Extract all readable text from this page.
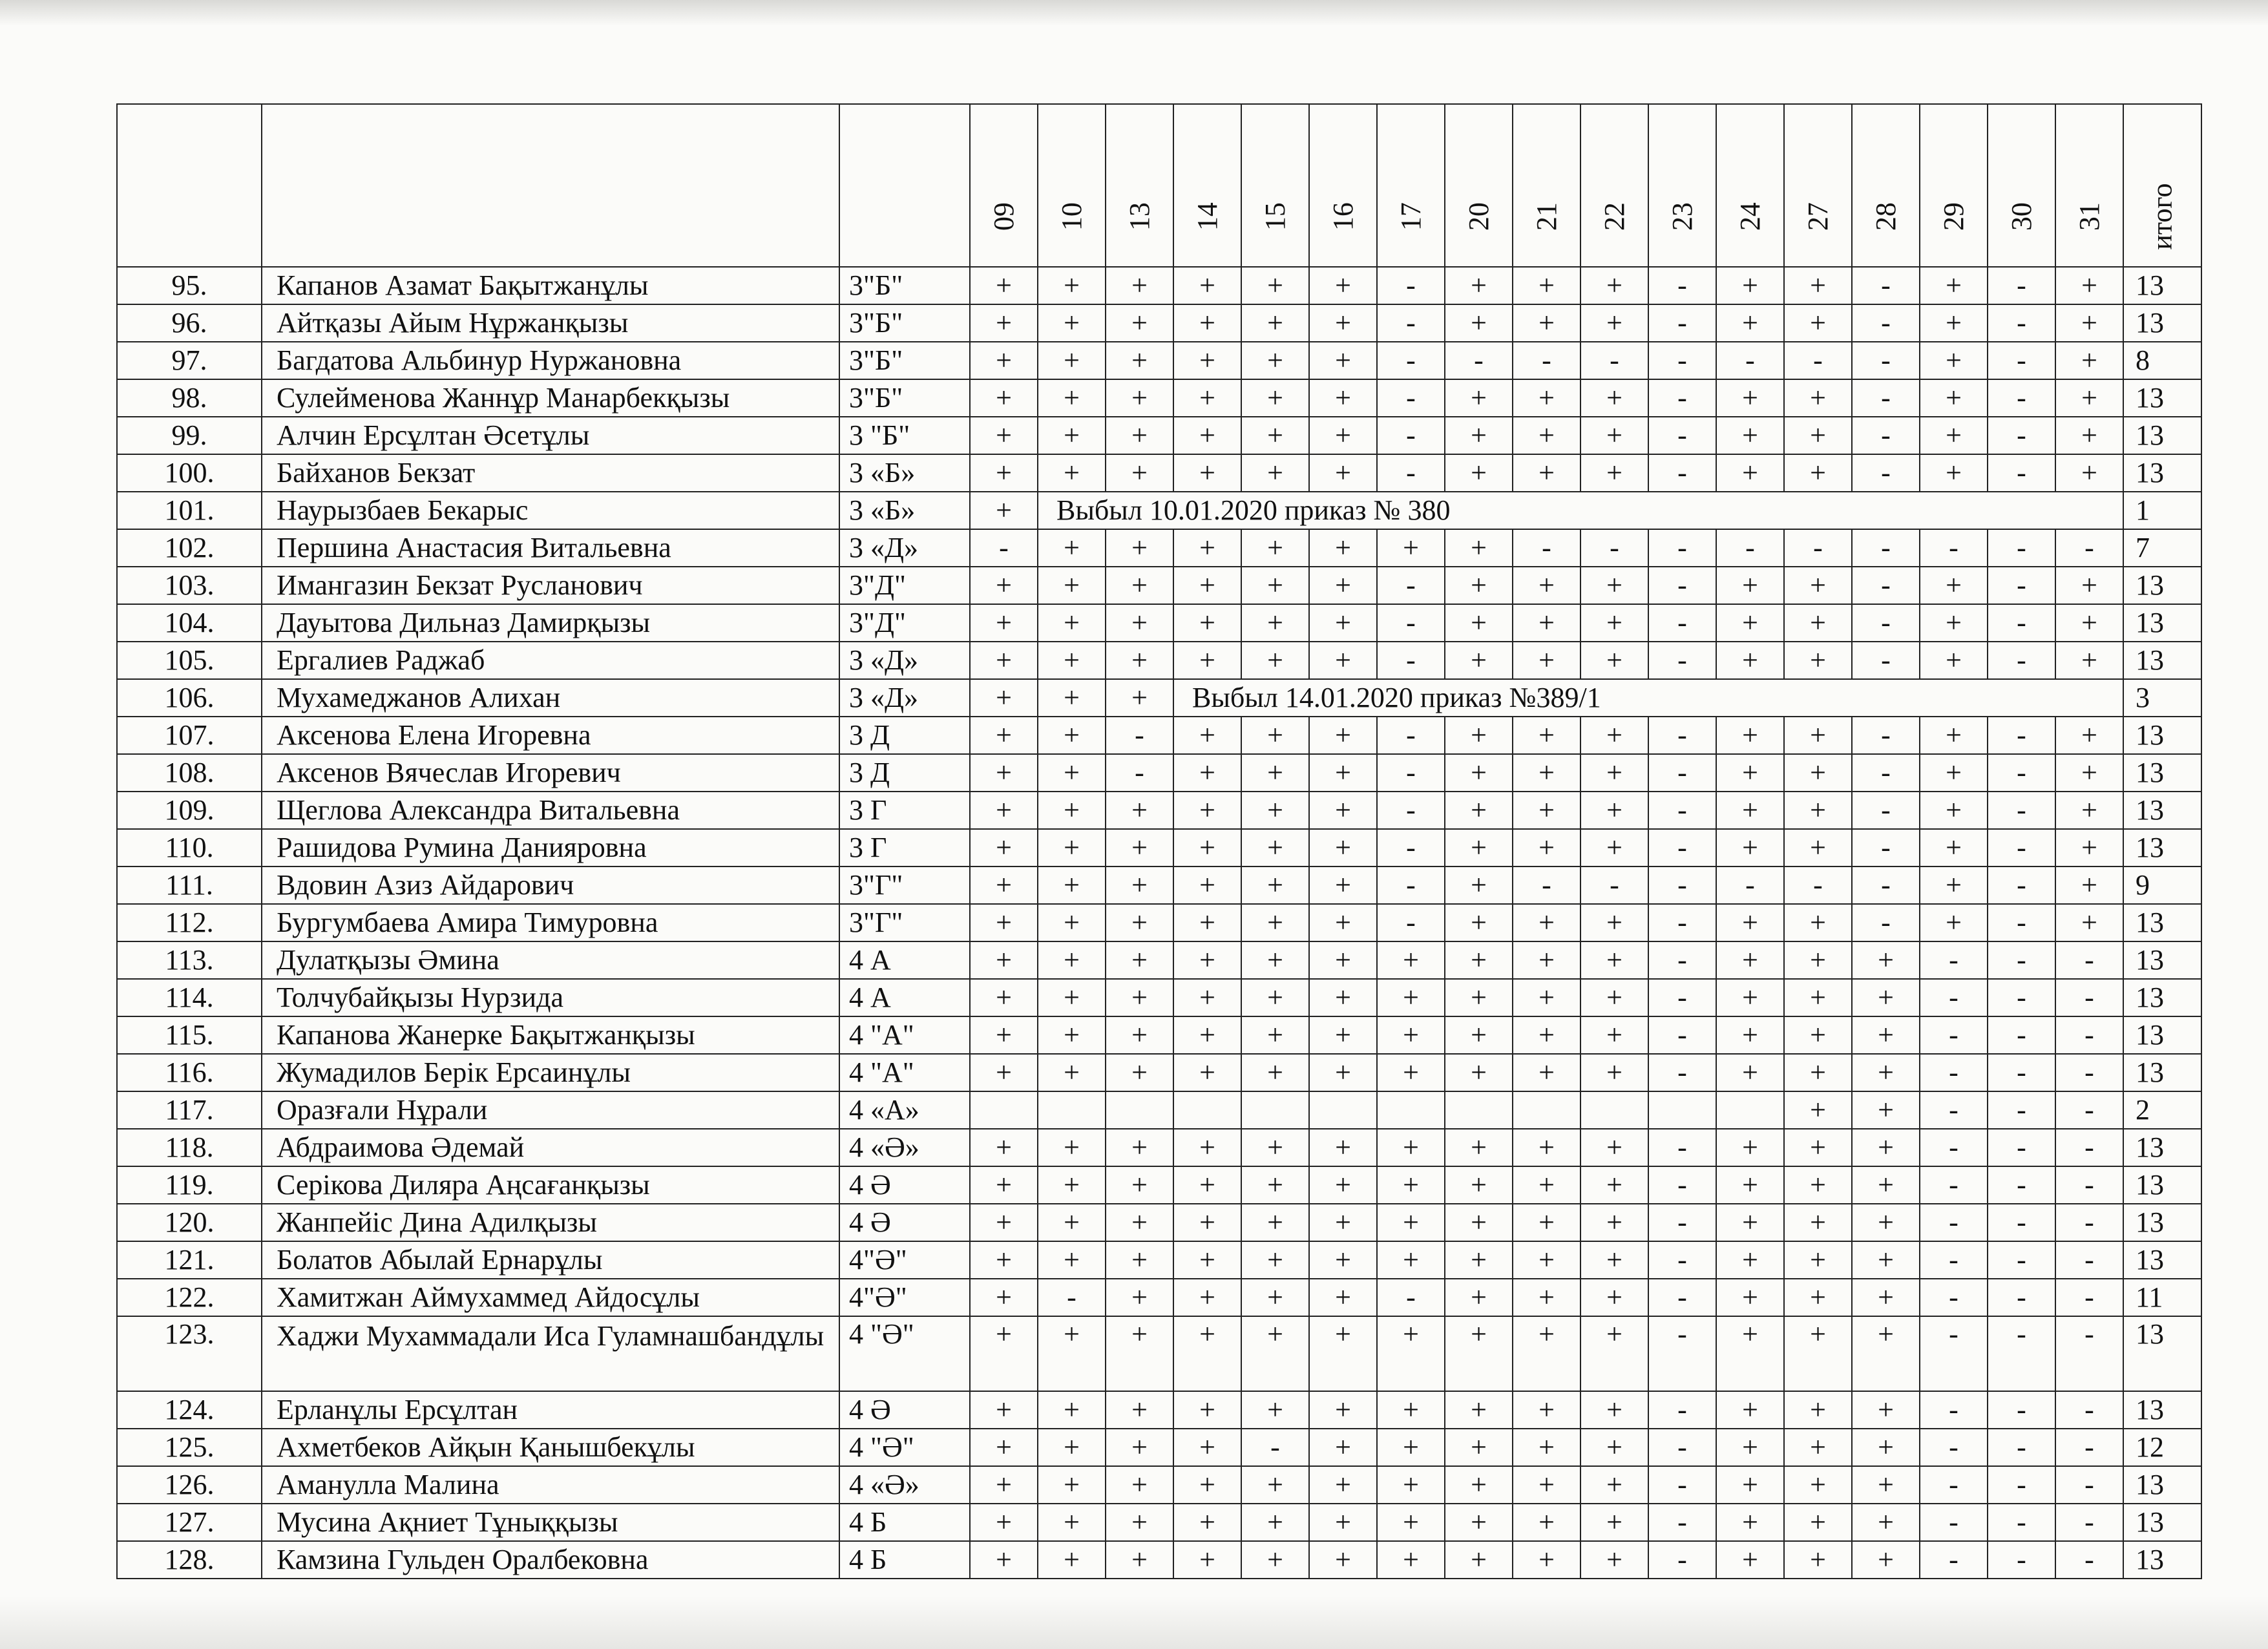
			09	10	13	14	15	16	17	20	21	22	23	24	27	28	29	30	31	итого
95.	Капанов Азамат Бақытжанұлы	3"Б"	+	+	+	+	+	+	-	+	+	+	-	+	+	-	+	-	+	13
96.	Айтқазы Айым Нұржанқызы	3"Б"	+	+	+	+	+	+	-	+	+	+	-	+	+	-	+	-	+	13
97.	Багдатова Альбинур Нуржановна	3"Б"	+	+	+	+	+	+	-	-	-	-	-	-	-	-	+	-	+	8
98.	Сулейменова Жаннұр Манарбекқызы	3"Б"	+	+	+	+	+	+	-	+	+	+	-	+	+	-	+	-	+	13
99.	Алчин Ерсұлтан Әсетұлы	3 "Б"	+	+	+	+	+	+	-	+	+	+	-	+	+	-	+	-	+	13
100.	Байханов Бекзат	3 «Б»	+	+	+	+	+	+	-	+	+	+	-	+	+	-	+	-	+	13
101.	Наурызбаев Бекарыс	3 «Б»	+	Выбыл 10.01.2020 приказ № 380																1
102.	Першина Анастасия Витальевна	3 «Д»	-	+	+	+	+	+	+	+	-	-	-	-	-	-	-	-	-	7
103.	Имангазин Бекзат Русланович	3"Д"	+	+	+	+	+	+	-	+	+	+	-	+	+	-	+	-	+	13
104.	Дауытова Дильназ Дамирқызы	3"Д"	+	+	+	+	+	+	-	+	+	+	-	+	+	-	+	-	+	13
105.	Ергалиев Раджаб	3 «Д»	+	+	+	+	+	+	-	+	+	+	-	+	+	-	+	-	+	13
106.	Мухамеджанов Алихан	3 «Д»	+	+	+	Выбыл 14.01.2020 приказ №389/1														3
107.	Аксенова Елена Игоревна	3 Д	+	+	-	+	+	+	-	+	+	+	-	+	+	-	+	-	+	13
108.	Аксенов Вячеслав Игоревич	3 Д	+	+	-	+	+	+	-	+	+	+	-	+	+	-	+	-	+	13
109.	Щеглова Александра Витальевна	3 Г	+	+	+	+	+	+	-	+	+	+	-	+	+	-	+	-	+	13
110.	Рашидова Румина Данияровна	3 Г	+	+	+	+	+	+	-	+	+	+	-	+	+	-	+	-	+	13
111.	Вдовин Азиз Айдарович	3"Г"	+	+	+	+	+	+	-	+	-	-	-	-	-	-	+	-	+	9
112.	Бургумбаева Амира Тимуровна	3"Г"	+	+	+	+	+	+	-	+	+	+	-	+	+	-	+	-	+	13
113.	Дулатқызы Әмина	4 А	+	+	+	+	+	+	+	+	+	+	-	+	+	+	-	-	-	13
114.	Толчубайқызы Нурзида	4 А	+	+	+	+	+	+	+	+	+	+	-	+	+	+	-	-	-	13
115.	Капанова Жанерке Бақытжанқызы	4 "А"	+	+	+	+	+	+	+	+	+	+	-	+	+	+	-	-	-	13
116.	Жумадилов Берік Ерсаинұлы	4 "А"	+	+	+	+	+	+	+	+	+	+	-	+	+	+	-	-	-	13
117.	Оразғали Нұрали	4 «А»													+	+	-	-	-	2
118.	Абдраимова Әдемай	4 «Ә»	+	+	+	+	+	+	+	+	+	+	-	+	+	+	-	-	-	13
119.	Серікова Диляра Аңсағанқызы	4 Ә	+	+	+	+	+	+	+	+	+	+	-	+	+	+	-	-	-	13
120.	Жанпейіс Дина Адилқызы	4 Ә	+	+	+	+	+	+	+	+	+	+	-	+	+	+	-	-	-	13
121.	Болатов Абылай Ернарұлы	4"Ә"	+	+	+	+	+	+	+	+	+	+	-	+	+	+	-	-	-	13
122.	Хамитжан Аймухаммед Айдосұлы	4"Ә"	+	-	+	+	+	+	-	+	+	+	-	+	+	+	-	-	-	11
123.	Хаджи Мухаммадали Иса Гуламнашбандұлы	4 "Ә"	+	+	+	+	+	+	+	+	+	+	-	+	+	+	-	-	-	13
124.	Ерланұлы Ерсұлтан	4 Ә	+	+	+	+	+	+	+	+	+	+	-	+	+	+	-	-	-	13
125.	Ахметбеков Айқын Қанышбекұлы	4 "Ә"	+	+	+	+	-	+	+	+	+	+	-	+	+	+	-	-	-	12
126.	Аманулла Малина	4 «Ә»	+	+	+	+	+	+	+	+	+	+	-	+	+	+	-	-	-	13
127.	Мусина Ақниет Тұныққызы	4 Б	+	+	+	+	+	+	+	+	+	+	-	+	+	+	-	-	-	13
128.	Камзина Гульден Оралбековна	4 Б	+	+	+	+	+	+	+	+	+	+	-	+	+	+	-	-	-	13
